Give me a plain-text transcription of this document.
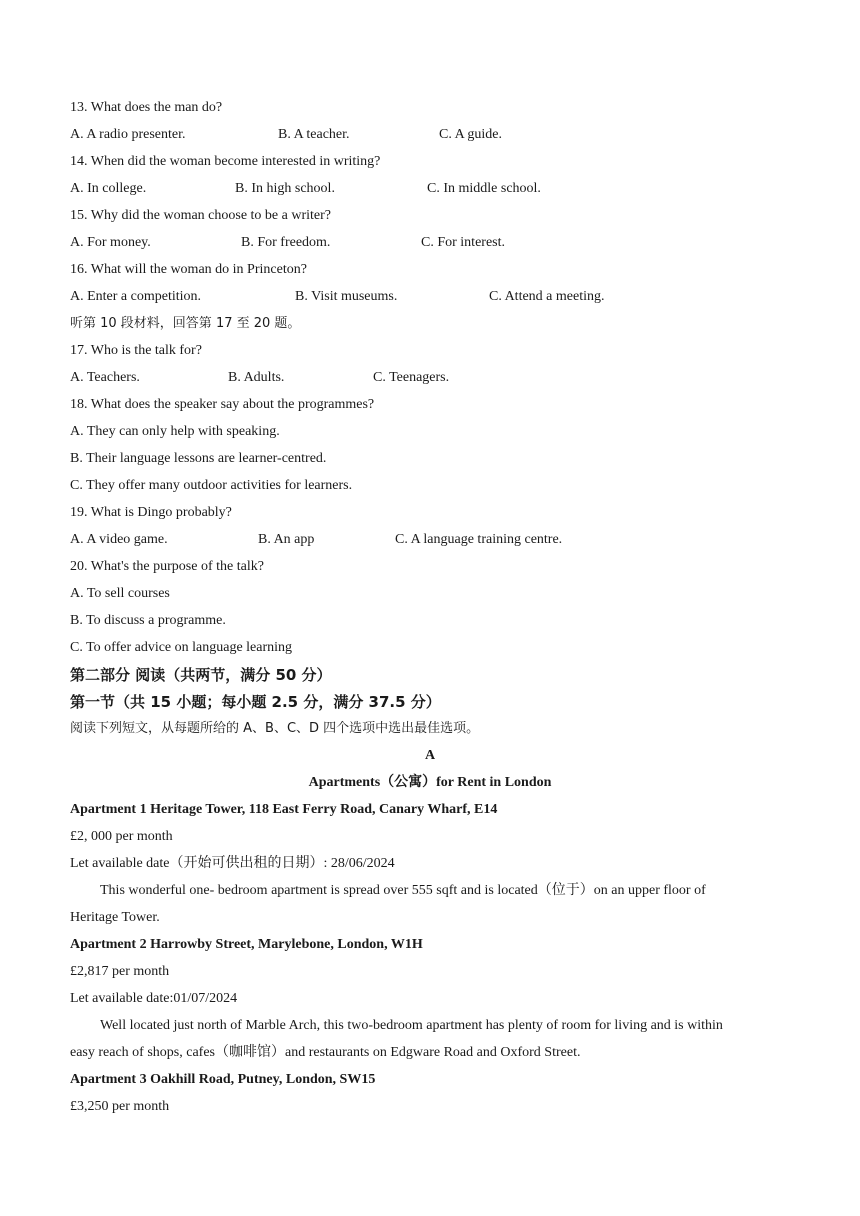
13. What does the man do?
A. A radio presenter.	B. A teacher.	C. A guide.
14. When did the woman become interested in writing?
A. In college.	B. In high school.	C. In middle school.
15. Why did the woman choose to be a writer?
A. For money.	B. For freedom.	C. For interest.
16. What will the woman do in Princeton?
A. Enter a competition.	B. Visit museums.	C. Attend a meeting.
听第 10 段材料，回答第 17 至 20 题。
17. Who is the talk for?
A. Teachers.	B. Adults.	C. Teenagers.
18. What does the speaker say about the programmes?
A. They can only help with speaking.
B. Their language lessons are learner-centred.
C. They offer many outdoor activities for learners.
19. What is Dingo probably?
A. A video game.	B. An app	C. A language training centre.
20. What's the purpose of the talk?
A. To sell courses
B. To discuss a programme.
C. To offer advice on language learning
第二部分 阅读（共两节，满分 50 分）
第一节（共 15 小题；每小题 2.5 分，满分 37.5 分）
阅读下列短文，从每题所给的 A、B、C、D 四个选项中选出最佳选项。
A
Apartments（公寓）for Rent in London
Apartment 1 Heritage Tower, 118 East Ferry Road, Canary Wharf, E14
£2, 000 per month
Let available date（开始可供出租的日期）: 28/06/2024
This wonderful one- bedroom apartment is spread over 555 sqft and is located（位于）on an upper floor of
Heritage Tower.
Apartment 2 Harrowby Street, Marylebone, London, W1H
£2,817 per month
Let available date:01/07/2024
Well located just north of Marble Arch, this two-bedroom apartment has plenty of room for living and is within
easy reach of shops, cafes（咖啡馆）and restaurants on Edgware Road and Oxford Street.
Apartment 3 Oakhill Road, Putney, London, SW15
£3,250 per month
